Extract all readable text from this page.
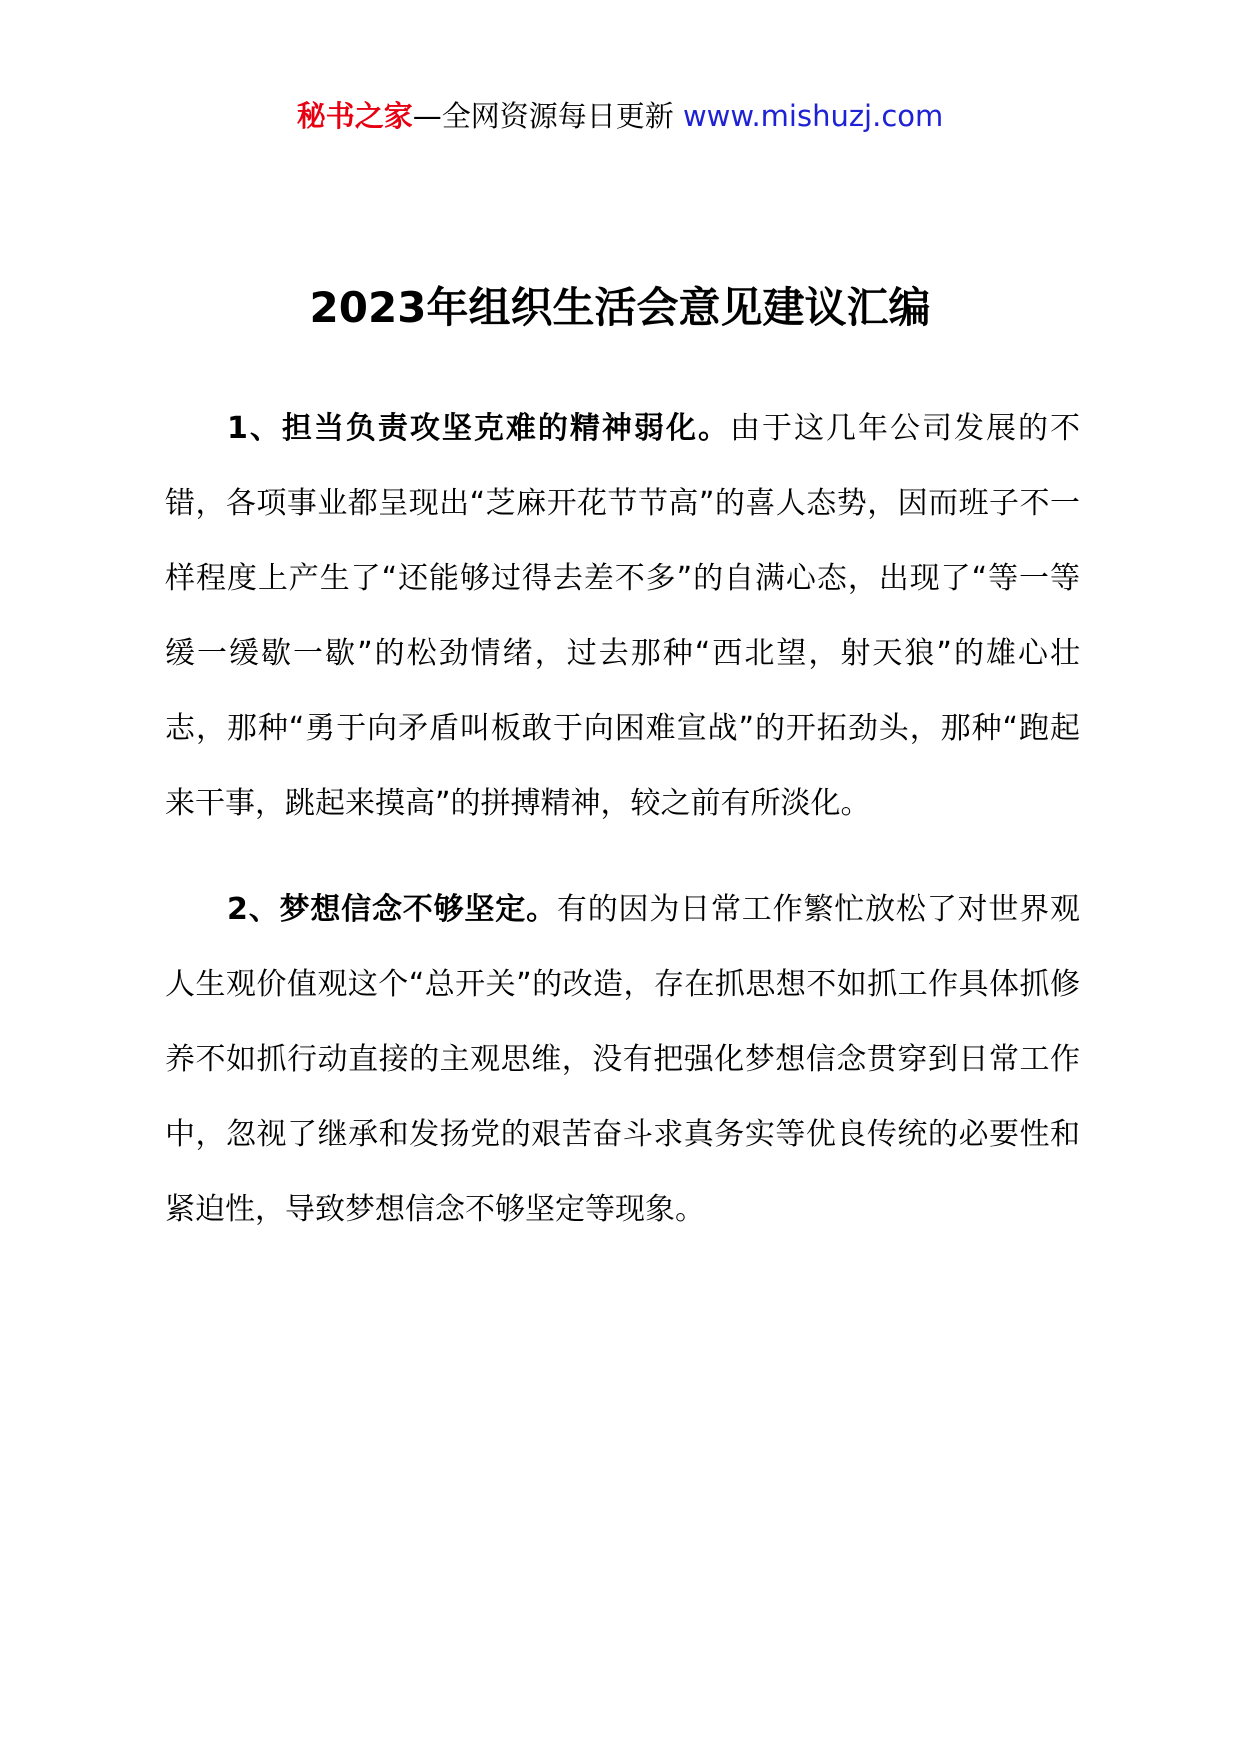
秘书之家—全网资源每日更新 www.mishuzj.com
2023年组织生活会意见建议汇编

1、担当负责攻坚克难的精神弱化。由于这几年公司发展的不错，各项事业都呈现出“芝麻开花节节高”的喜人态势，因而班子不一样程度上产生了“还能够过得去差不多”的自满心态，出现了“等一等缓一缓歇一歇”的松劲情绪，过去那种“西北望，射天狼”的雄心壮志，那种“勇于向矛盾叫板敢于向困难宣战”的开拓劲头，那种“跑起来干事，跳起来摸高”的拼搏精神，较之前有所淡化。

2、梦想信念不够坚定。有的因为日常工作繁忙放松了对世界观人生观价值观这个“总开关”的改造，存在抓思想不如抓工作具体抓修养不如抓行动直接的主观思维，没有把强化梦想信念贯穿到日常工作中，忽视了继承和发扬党的艰苦奋斗求真务实等优良传统的必要性和紧迫性，导致梦想信念不够坚定等现象。
